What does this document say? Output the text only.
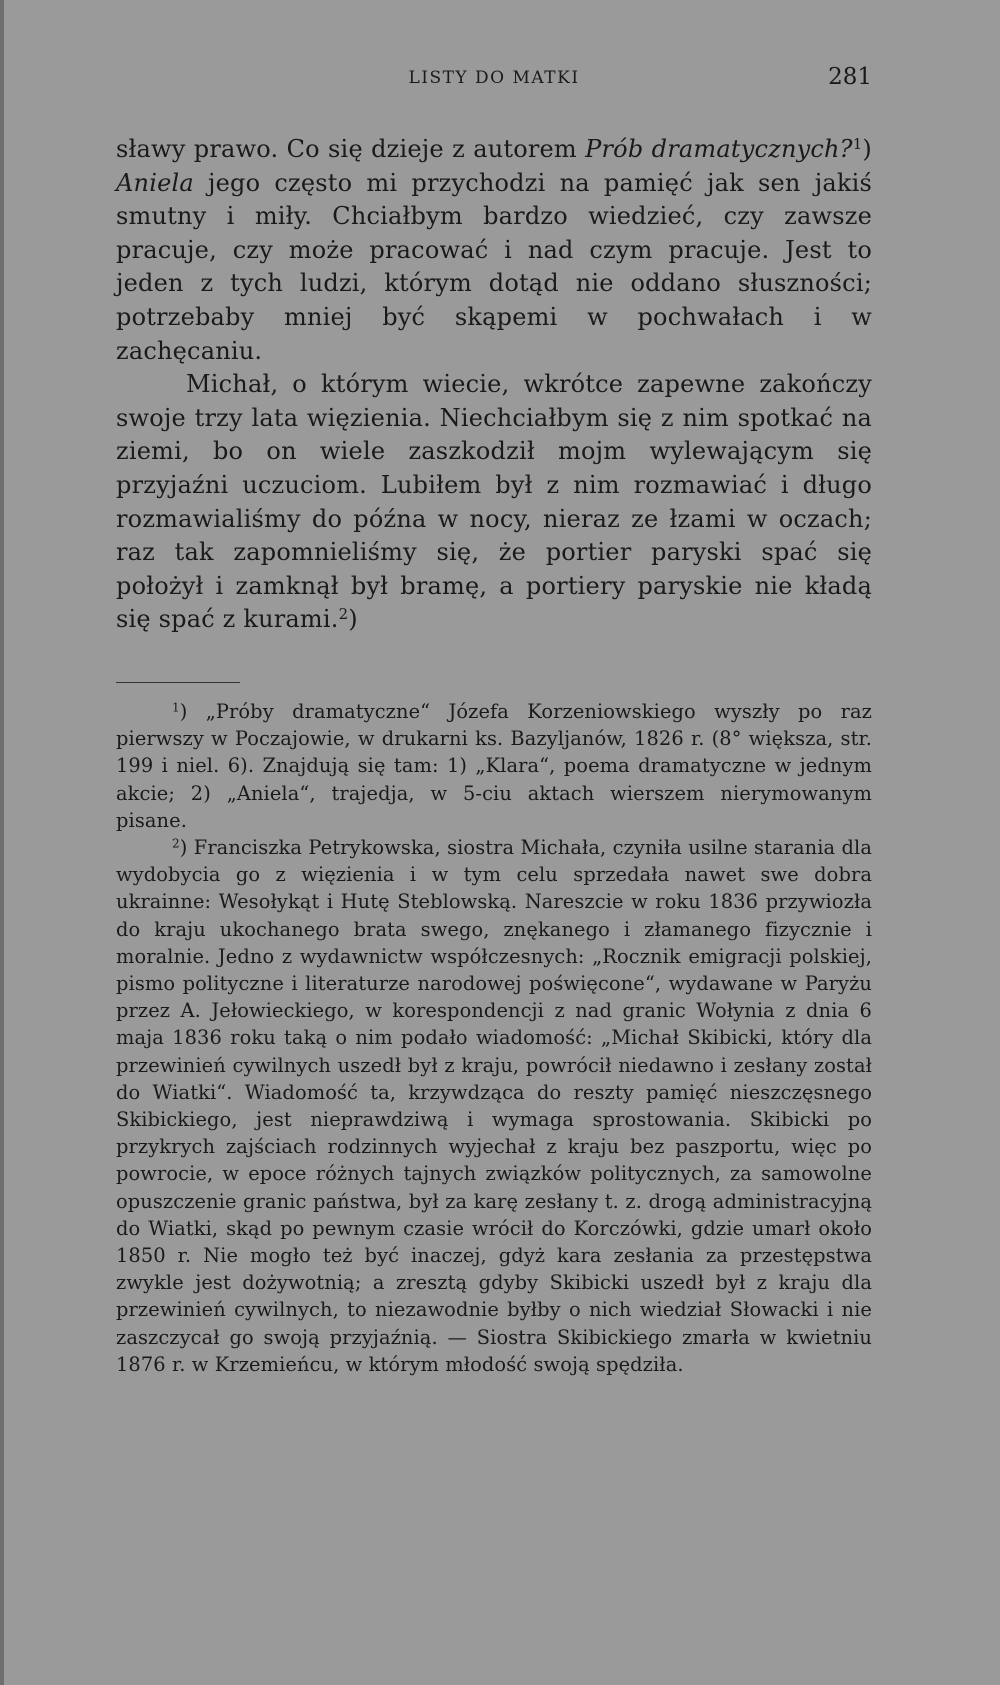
LISTY DO MATKI	281

sławy prawo. Co się dzieje z autorem Prób dramatycznych?$^1$) Aniela jego często mi przychodzi na pamięć jak sen jakiś smutny i miły. Chciałbym bardzo wiedzieć, czy zawsze pracuje, czy może pracować i nad czym pracuje. Jest to jeden z tych ludzi, którym dotąd nie oddano słuszności; potrzebaby mniej być skąpemi w pochwałach i w zachęcaniu.

Michał, o którym wiecie, wkrótce zapewne zakończy swoje trzy lata więzienia. Niechciałbym się z nim spotkać na ziemi, bo on wiele zaszkodził mojm wylewającym się przyjaźni uczuciom. Lubiłem był z nim rozmawiać i długo rozmawialiśmy do późna w nocy, nieraz ze łzami w oczach; raz tak zapomnieliśmy się, że portier paryski spać się położył i zamknął był bramę, a portiery paryskie nie kładą się spać z kurami.$^2$)

$^1$) „Próby dramatyczne“ Józefa Korzeniowskiego wyszły po raz pierwszy w Poczajowie, w drukarni ks. Bazyljanów, 1826 r. (8° większa, str. 199 i niel. 6). Znajdują się tam: 1) „Klara“, poema dramatyczne w jednym akcie; 2) „Aniela“, trajedja, w 5-ciu aktach wierszem nierymowanym pisane.

$^2$) Franciszka Petrykowska, siostra Michała, czyniła usilne starania dla wydobycia go z więzienia i w tym celu sprzedała nawet swe dobra ukrainne: Wesołykąt i Hutę Steblowską. Nareszcie w roku 1836 przywiozła do kraju ukochanego brata swego, znękanego i złamanego fizycznie i moralnie. Jedno z wydawnictw współczesnych: „Rocznik emigracji polskiej, pismo polityczne i literaturze narodowej poświęcone“, wydawane w Paryżu przez A. Jełowieckiego, w korespondencji z nad granic Wołynia z dnia 6 maja 1836 roku taką o nim podało wiadomość: „Michał Skibicki, który dla przewinień cywilnych uszedł był z kraju, powrócił niedawno i zesłany został do Wiatki“. Wiadomość ta, krzywdząca do reszty pamięć nieszczęsnego Skibickiego, jest nieprawdziwą i wymaga sprostowania. Skibicki po przykrych zajściach rodzinnych wyjechał z kraju bez paszportu, więc po powrocie, w epoce różnych tajnych związków politycznych, za samowolne opuszczenie granic państwa, był za karę zesłany t. z. drogą administracyjną do Wiatki, skąd po pewnym czasie wrócił do Korczówki, gdzie umarł około 1850 r. Nie mogło też być inaczej, gdyż kara zesłania za przestępstwa zwykle jest dożywotnią; a zresztą gdyby Skibicki uszedł był z kraju dla przewinień cywilnych, to niezawodnie byłby o nich wiedział Słowacki i nie zaszczycał go swoją przyjaźnią. — Siostra Skibickiego zmarła w kwietniu 1876 r. w Krzemieńcu, w którym młodość swoją spędziła.
